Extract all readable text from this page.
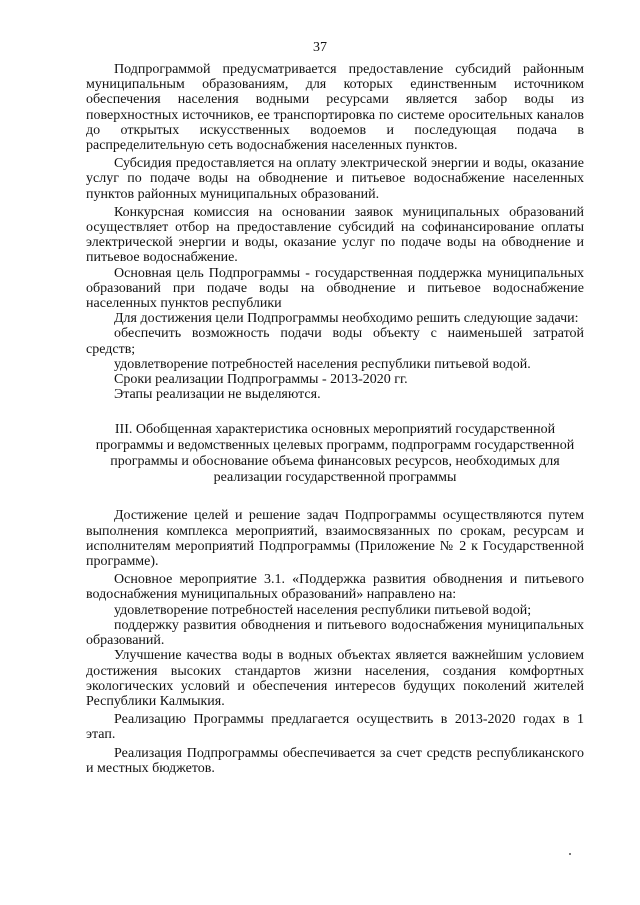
37

Подпрограммой предусматривается предоставление субсидий районным муниципальным образованиям, для которых единственным источником обеспечения населения водными ресурсами является забор воды из поверхностных источников, ее транспортировка по системе оросительных каналов до открытых искусственных водоемов и последующая подача в распределительную сеть водоснабжения населенных пунктов.

Субсидия предоставляется на оплату электрической энергии и воды, оказание услуг по подаче воды на обводнение и питьевое водоснабжение населенных пунктов районных муниципальных образований.

Конкурсная комиссия на основании заявок муниципальных образований осуществляет отбор на предоставление субсидий на софинансирование оплаты электрической энергии и воды, оказание услуг по подаче воды на обводнение и питьевое водоснабжение.

Основная цель Подпрограммы - государственная поддержка муниципальных образований при подаче воды на обводнение и питьевое водоснабжение населенных пунктов республики

Для достижения цели Подпрограммы необходимо решить следующие задачи:

обеспечить возможность подачи воды объекту с наименьшей затратой средств;

удовлетворение потребностей населения республики питьевой водой.

Сроки реализации Подпрограммы - 2013-2020 гг.

Этапы реализации не выделяются.

III. Обобщенная характеристика основных мероприятий государственной
программы и ведомственных целевых программ, подпрограмм государственной
программы и обоснование объема финансовых ресурсов, необходимых для
реализации государственной программы

Достижение целей и решение задач Подпрограммы осуществляются путем выполнения комплекса мероприятий, взаимосвязанных по срокам, ресурсам и исполнителям мероприятий Подпрограммы (Приложение № 2 к Государственной программе).

Основное мероприятие 3.1. «Поддержка развития обводнения и питьевого водоснабжения муниципальных образований» направлено на:

удовлетворение потребностей населения республики питьевой водой;

поддержку развития обводнения и питьевого водоснабжения муниципальных образований.

Улучшение качества воды в водных объектах является важнейшим условием достижения высоких стандартов жизни населения, создания комфортных экологических условий и обеспечения интересов будущих поколений жителей Республики Калмыкия.

Реализацию Программы предлагается осуществить в 2013-2020 годах в 1 этап.

Реализация Подпрограммы обеспечивается за счет средств республиканского и местных бюджетов.
